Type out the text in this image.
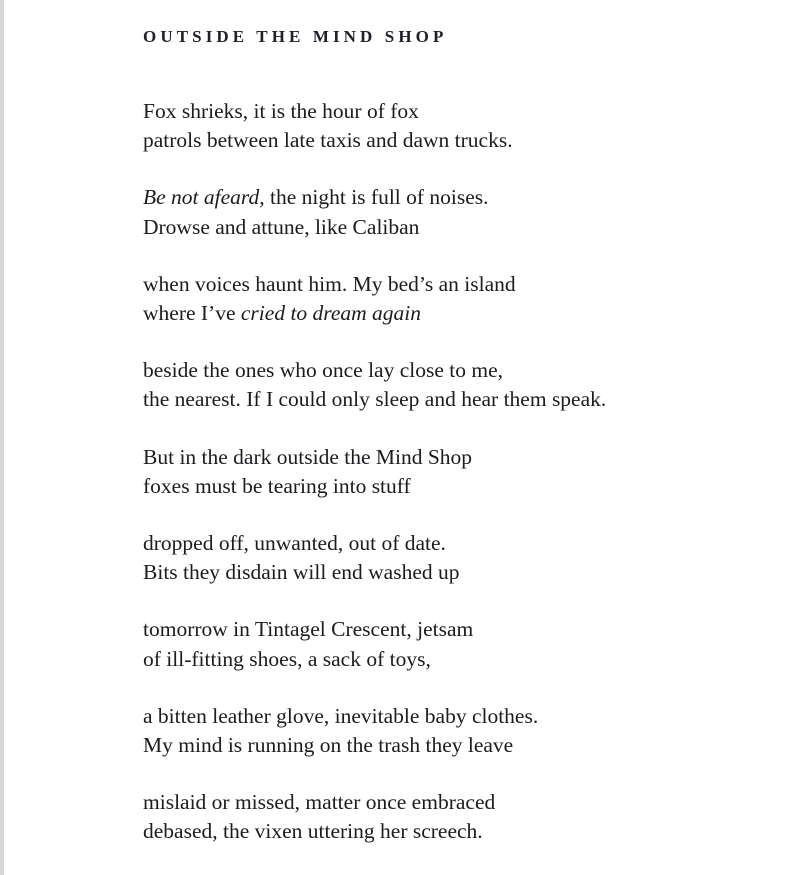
OUTSIDE THE MIND SHOP
Fox shrieks, it is the hour of fox
patrols between late taxis and dawn trucks.
Be not afeard, the night is full of noises.
Drowse and attune, like Caliban
when voices haunt him. My bed’s an island
where I’ve cried to dream again
beside the ones who once lay close to me,
the nearest. If I could only sleep and hear them speak.
But in the dark outside the Mind Shop
foxes must be tearing into stuff
dropped off, unwanted, out of date.
Bits they disdain will end washed up
tomorrow in Tintagel Crescent, jetsam
of ill-fitting shoes, a sack of toys,
a bitten leather glove, inevitable baby clothes.
My mind is running on the trash they leave
mislaid or missed, matter once embraced
debased, the vixen uttering her screech.
